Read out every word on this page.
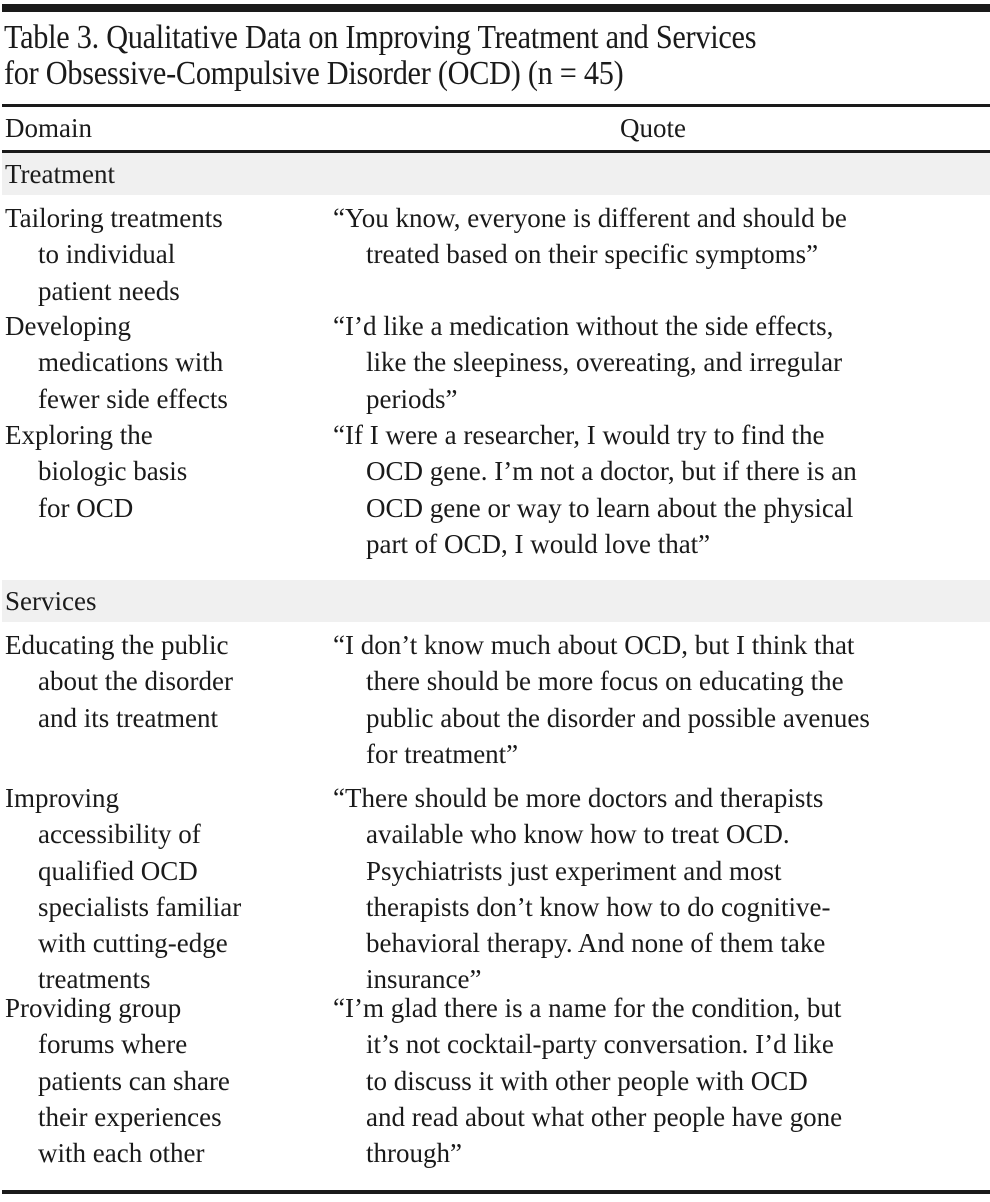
Table 3. Qualitative Data on Improving Treatment and Services
for Obsessive-Compulsive Disorder (OCD) (n = 45)
Domain	Quote
Treatment
Tailoring treatments
to individual
patient needs
“You know, everyone is different and should be
treated based on their specific symptoms”
Developing
medications with
fewer side effects
“I’d like a medication without the side effects,
like the sleepiness, overeating, and irregular
periods”
Exploring the
biologic basis
for OCD
“If I were a researcher, I would try to find the
OCD gene. I’m not a doctor, but if there is an
OCD gene or way to learn about the physical
part of OCD, I would love that”
Services
Educating the public
about the disorder
and its treatment
“I don’t know much about OCD, but I think that
there should be more focus on educating the
public about the disorder and possible avenues
for treatment”
Improving
accessibility of
qualified OCD
specialists familiar
with cutting-edge
treatments
“There should be more doctors and therapists
available who know how to treat OCD.
Psychiatrists just experiment and most
therapists don’t know how to do cognitive-
behavioral therapy. And none of them take
insurance”
Providing group
forums where
patients can share
their experiences
with each other
“I’m glad there is a name for the condition, but
it’s not cocktail-party conversation. I’d like
to discuss it with other people with OCD
and read about what other people have gone
through”
